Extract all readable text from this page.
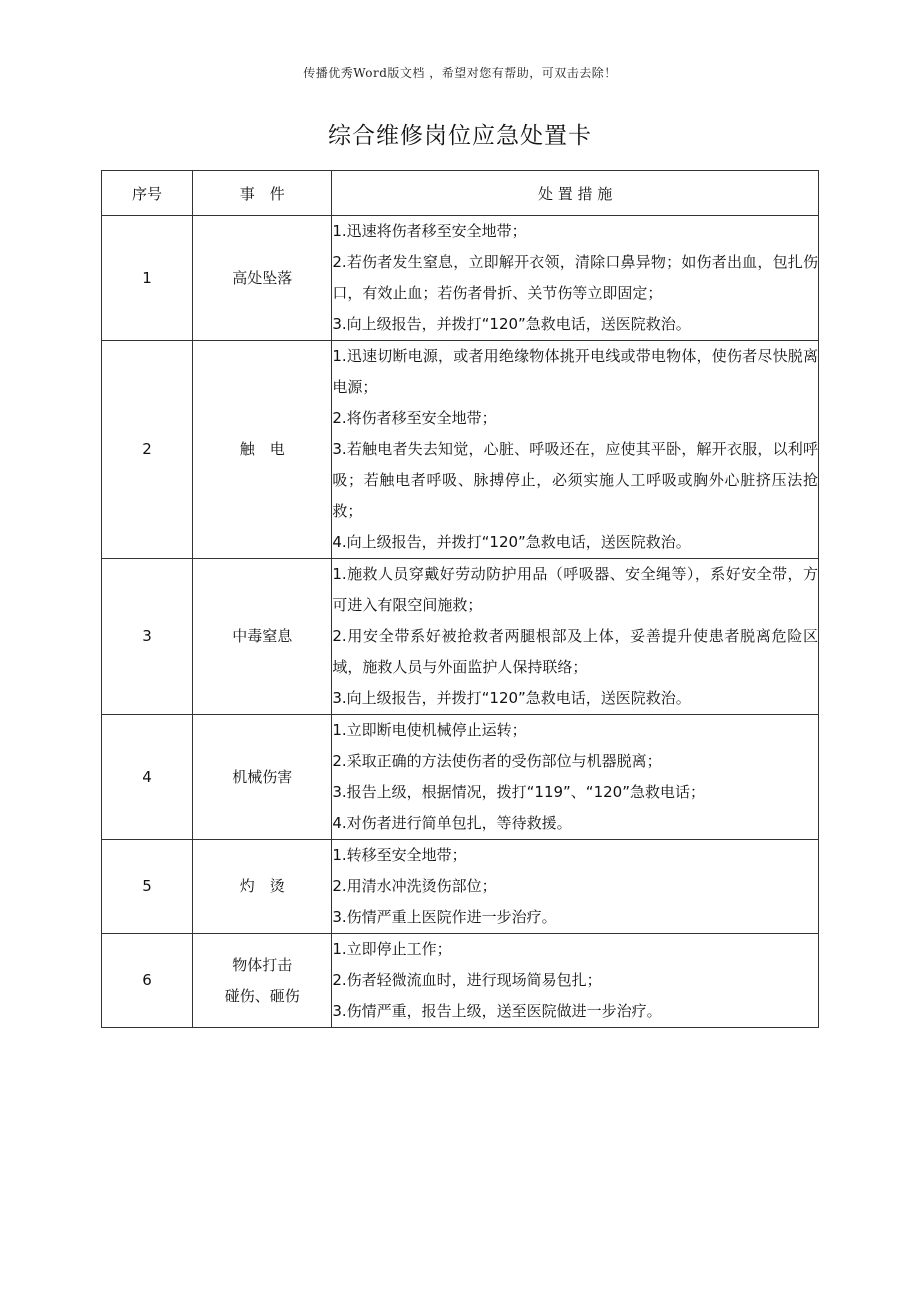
传播优秀Word版文档 ，希望对您有帮助，可双击去除！
综合维修岗位应急处置卡
序号	事　件	处 置 措 施
1	高处坠落	1.迅速将伤者移至安全地带；
2.若伤者发生窒息，立即解开衣领，清除口鼻异物；如伤者出血，包扎伤口，有效止血；若伤者骨折、关节伤等立即固定；
3.向上级报告，并拨打“120”急救电话，送医院救治。

2	触　电	1.迅速切断电源，或者用绝缘物体挑开电线或带电物体，使伤者尽快脱离电源；
2.将伤者移至安全地带；
3.若触电者失去知觉，心脏、呼吸还在，应使其平卧，解开衣服，以利呼吸；若触电者呼吸、脉搏停止，必须实施人工呼吸或胸外心脏挤压法抢救；
4.向上级报告，并拨打“120”急救电话，送医院救治。

3	中毒窒息	1.施救人员穿戴好劳动防护用品（呼吸器、安全绳等），系好安全带，方可进入有限空间施救；
2.用安全带系好被抢救者两腿根部及上体，妥善提升使患者脱离危险区域，施救人员与外面监护人保持联络；
3.向上级报告，并拨打“120”急救电话，送医院救治。

4	机械伤害	1.立即断电使机械停止运转；
2.采取正确的方法使伤者的受伤部位与机器脱离；
3.报告上级，根据情况，拨打“119”、“120”急救电话；
4.对伤者进行简单包扎，等待救援。

5	灼　烫	1.转移至安全地带；
2.用清水冲洗烫伤部位；
3.伤情严重上医院作进一步治疗。

6	物体打击
碰伤、砸伤	1.立即停止工作；
2.伤者轻微流血时，进行现场简易包扎；
3.伤情严重，报告上级，送至医院做进一步治疗。
